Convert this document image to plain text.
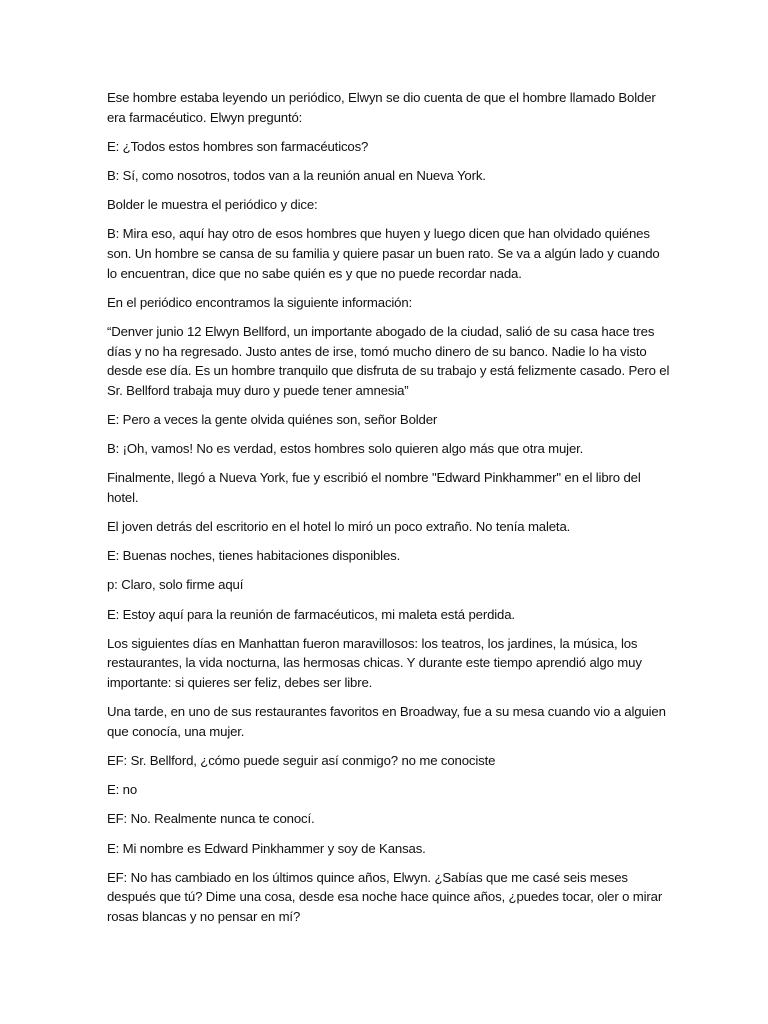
Ese hombre estaba leyendo un periódico, Elwyn se dio cuenta de que el hombre llamado Bolder era farmacéutico. Elwyn preguntó:

E: ¿Todos estos hombres son farmacéuticos?

B: Sí, como nosotros, todos van a la reunión anual en Nueva York.

Bolder le muestra el periódico y dice:

B: Mira eso, aquí hay otro de esos hombres que huyen y luego dicen que han olvidado quiénes son. Un hombre se cansa de su familia y quiere pasar un buen rato. Se va a algún lado y cuando lo encuentran, dice que no sabe quién es y que no puede recordar nada.

En el periódico encontramos la siguiente información:

“Denver junio 12 Elwyn Bellford, un importante abogado de la ciudad, salió de su casa hace tres días y no ha regresado. Justo antes de irse, tomó mucho dinero de su banco. Nadie lo ha visto desde ese día. Es un hombre tranquilo que disfruta de su trabajo y está felizmente casado. Pero el Sr. Bellford trabaja muy duro y puede tener amnesia”

E: Pero a veces la gente olvida quiénes son, señor Bolder

B: ¡Oh, vamos! No es verdad, estos hombres solo quieren algo más que otra mujer.

Finalmente, llegó a Nueva York, fue y escribió el nombre "Edward Pinkhammer" en el libro del hotel.

El joven detrás del escritorio en el hotel lo miró un poco extraño. No tenía maleta.

E: Buenas noches, tienes habitaciones disponibles.

p: Claro, solo firme aquí

E: Estoy aquí para la reunión de farmacéuticos, mi maleta está perdida.

Los siguientes días en Manhattan fueron maravillosos: los teatros, los jardines, la música, los restaurantes, la vida nocturna, las hermosas chicas. Y durante este tiempo aprendió algo muy importante: si quieres ser feliz, debes ser libre.

Una tarde, en uno de sus restaurantes favoritos en Broadway, fue a su mesa cuando vio a alguien que conocía, una mujer.

EF: Sr. Bellford, ¿cómo puede seguir así conmigo? no me conociste

E: no

EF: No. Realmente nunca te conocí.

E: Mi nombre es Edward Pinkhammer y soy de Kansas.

EF: No has cambiado en los últimos quince años, Elwyn. ¿Sabías que me casé seis meses después que tú? Dime una cosa, desde esa noche hace quince años, ¿puedes tocar, oler o mirar rosas blancas y no pensar en mí?
